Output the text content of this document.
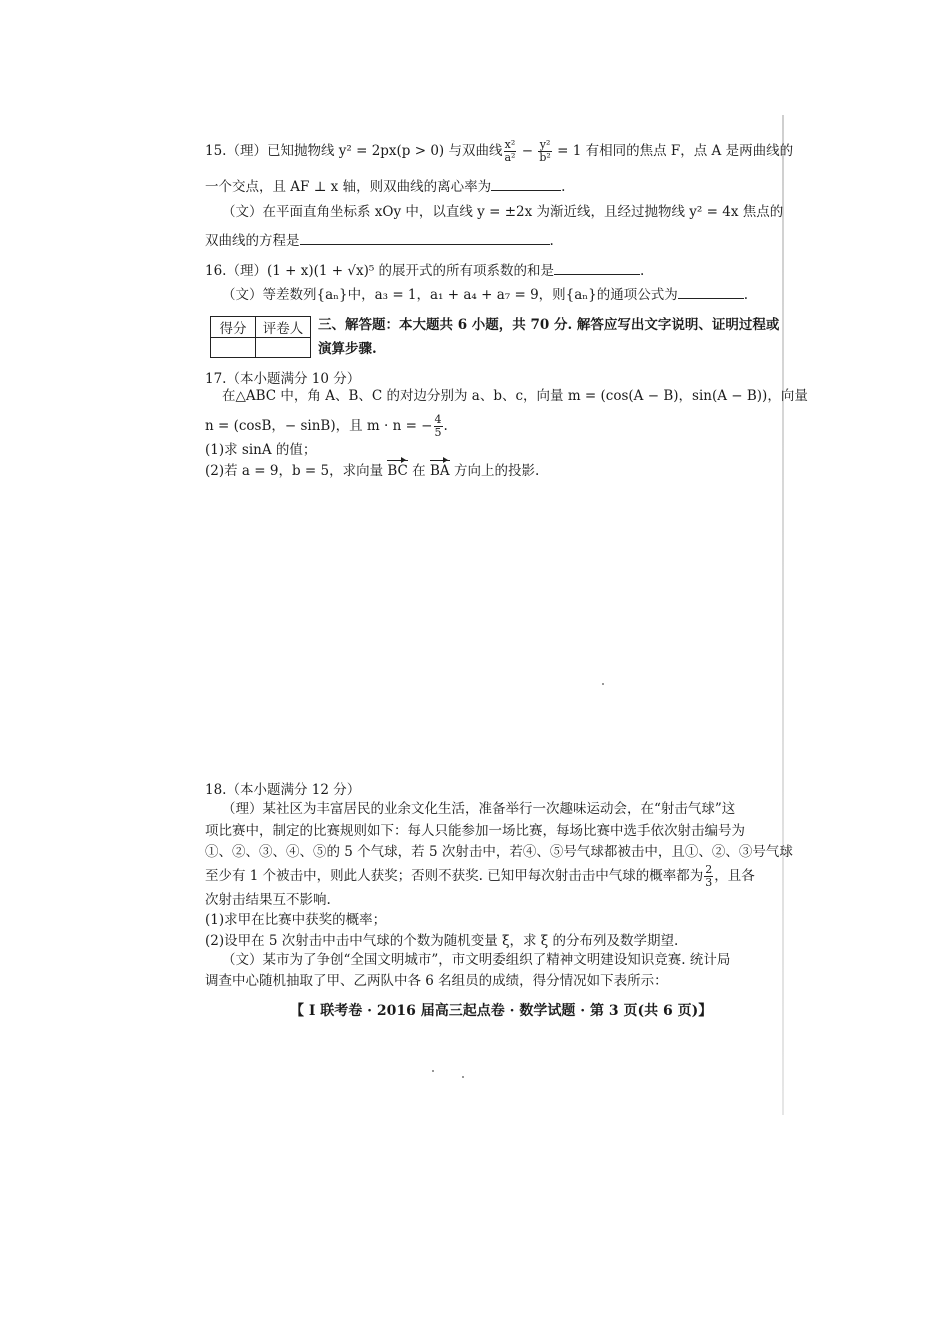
15.（理）已知抛物线 y² = 2px(p > 0) 与双曲线 $\frac{\text{x²}}{\text{a²}} - \frac{\text{y²}}{\text{b²}} = 1$ 有相同的焦点 F，点 A 是两曲线的
一个交点，且 AF ⊥ x 轴，则双曲线的离心率为	.
（文）在平面直角坐标系 xOy 中，以直线 y = ±2x 为渐近线，且经过抛物线 y² = 4x 焦点的
双曲线的方程是	.
16.（理）(1 + x)(1 + √x)⁵ 的展开式的所有项系数的和是	.
（文）等差数列{aₙ}中，a₃ = 1，a₁ + a₄ + a₇ = 9，则{aₙ}的通项公式为	.
得分	评卷人
	三、解答题：本大题共 6 小题，共 70 分. 解答应写出文字说明、证明过程或
演算步骤.
17.（本小题满分 10 分）
在△ABC 中，角 A、B、C 的对边分别为 a、b、c，向量 m = (cos(A − B)，sin(A − B))，向量
n = (cosB，− sinB)，且 m · n = − $\frac{4}{5}$ .
(1)求 sinA 的值；
(2)若 a = 9，b = 5，求向量 BC 在 BA 方向上的投影.
18.（本小题满分 12 分）
（理）某社区为丰富居民的业余文化生活，准备举行一次趣味运动会，在“射击气球”这
项比赛中，制定的比赛规则如下：每人只能参加一场比赛，每场比赛中选手依次射击编号为
①、②、③、④、⑤的 5 个气球，若 5 次射击中，若④、⑤号气球都被击中，且①、②、③号气球
至少有 1 个被击中，则此人获奖；否则不获奖. 已知甲每次射击击中气球的概率都为 $\frac{2}{3}$ ，且各
次射击结果互不影响.
(1)求甲在比赛中获奖的概率；
(2)设甲在 5 次射击中击中气球的个数为随机变量 ξ，求 ξ 的分布列及数学期望.
（文）某市为了争创“全国文明城市”，市文明委组织了精神文明建设知识竞赛. 统计局
调查中心随机抽取了甲、乙两队中各 6 名组员的成绩，得分情况如下表所示：
【 I 联考卷 · 2016 届高三起点卷 · 数学试题 · 第 3 页(共 6 页)】
